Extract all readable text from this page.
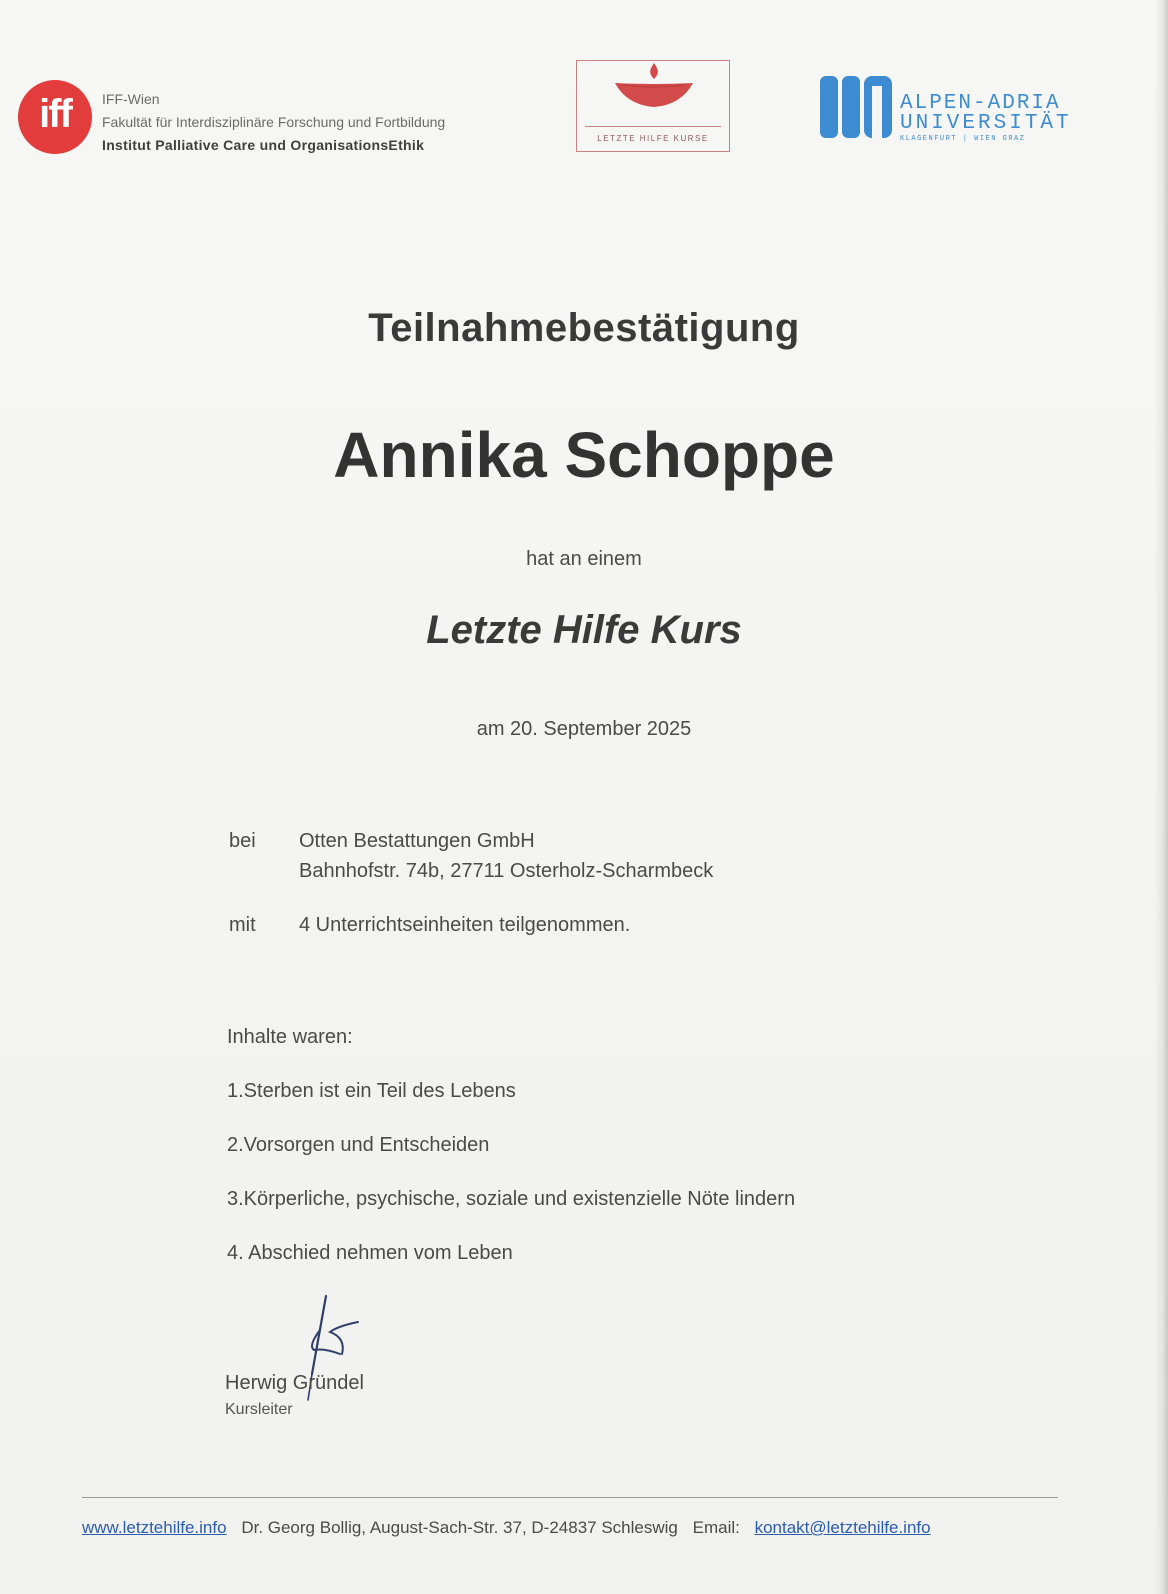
iff	IFF-Wien
Fakultät für Interdisziplinäre Forschung und Fortbildung
Institut Palliative Care und OrganisationsEthik	LETZTE HILFE KURSE
ALPEN-ADRIA
UNIVERSITÄT
KLAGENFURT | WIEN GRAZ
Teilnahmebestätigung
Annika Schoppe
hat an einem
Letzte Hilfe Kurs
am 20. September 2025
bei Otten Bestattungen GmbH
Bahnhofstr. 74b, 27711 Osterholz-Scharmbeck
mit 4 Unterrichtseinheiten teilgenommen.
Inhalte waren:
1.Sterben ist ein Teil des Lebens
2.Vorsorgen und Entscheiden
3.Körperliche, psychische, soziale und existenzielle Nöte lindern
4. Abschied nehmen vom Leben
Herwig Gründel
Kursleiter
www.letztehilfe.info Dr. Georg Bollig, August-Sach-Str. 37, D-24837 Schleswig Email: kontakt@letztehilfe.info
